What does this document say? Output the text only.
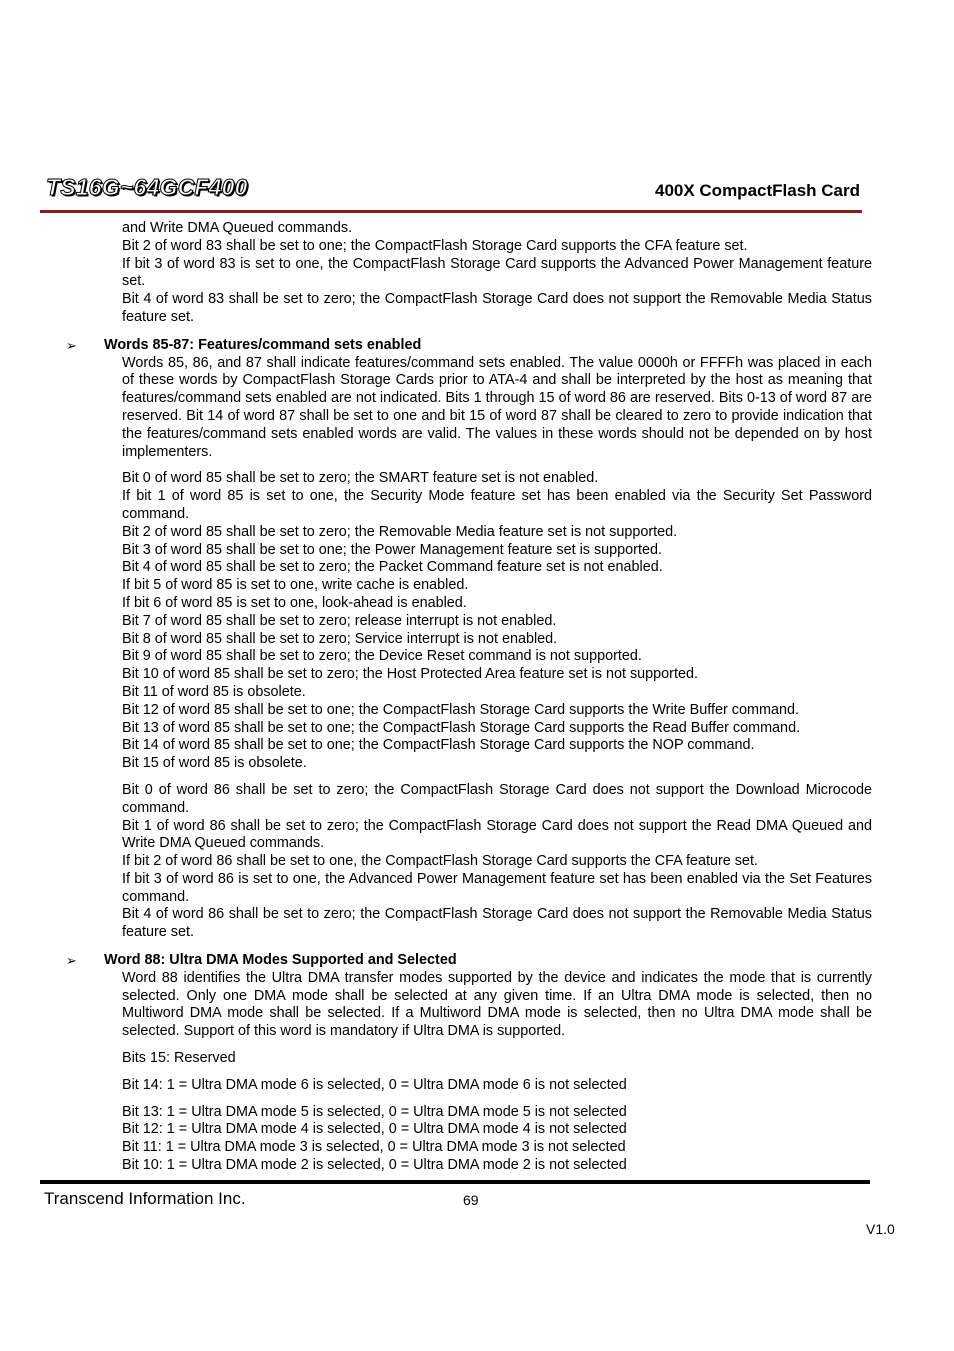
TS16G~64GCF400	400X CompactFlash Card
and Write DMA Queued commands.
Bit 2 of word 83 shall be set to one; the CompactFlash Storage Card supports the CFA feature set.
If bit 3 of word 83 is set to one, the CompactFlash Storage Card supports the Advanced Power Management feature set.
Bit 4 of word 83 shall be set to zero; the CompactFlash Storage Card does not support the Removable Media Status feature set.
➢ Words 85-87: Features/command sets enabled
Words 85, 86, and 87 shall indicate features/command sets enabled. The value 0000h or FFFFh was placed in each of these words by CompactFlash Storage Cards prior to ATA-4 and shall be interpreted by the host as meaning that features/command sets enabled are not indicated. Bits 1 through 15 of word 86 are reserved. Bits 0-13 of word 87 are reserved. Bit 14 of word 87 shall be set to one and bit 15 of word 87 shall be cleared to zero to provide indication that the features/command sets enabled words are valid. The values in these words should not be depended on by host implementers.
Bit 0 of word 85 shall be set to zero; the SMART feature set is not enabled.
If bit 1 of word 85 is set to one, the Security Mode feature set has been enabled via the Security Set Password command.
Bit 2 of word 85 shall be set to zero; the Removable Media feature set is not supported.
Bit 3 of word 85 shall be set to one; the Power Management feature set is supported.
Bit 4 of word 85 shall be set to zero; the Packet Command feature set is not enabled.
If bit 5 of word 85 is set to one, write cache is enabled.
If bit 6 of word 85 is set to one, look-ahead is enabled.
Bit 7 of word 85 shall be set to zero; release interrupt is not enabled.
Bit 8 of word 85 shall be set to zero; Service interrupt is not enabled.
Bit 9 of word 85 shall be set to zero; the Device Reset command is not supported.
Bit 10 of word 85 shall be set to zero; the Host Protected Area feature set is not supported.
Bit 11 of word 85 is obsolete.
Bit 12 of word 85 shall be set to one; the CompactFlash Storage Card supports the Write Buffer command.
Bit 13 of word 85 shall be set to one; the CompactFlash Storage Card supports the Read Buffer command.
Bit 14 of word 85 shall be set to one; the CompactFlash Storage Card supports the NOP command.
Bit 15 of word 85 is obsolete.
Bit 0 of word 86 shall be set to zero; the CompactFlash Storage Card does not support the Download Microcode command.
Bit 1 of word 86 shall be set to zero; the CompactFlash Storage Card does not support the Read DMA Queued and Write DMA Queued commands.
If bit 2 of word 86 shall be set to one, the CompactFlash Storage Card supports the CFA feature set.
If bit 3 of word 86 is set to one, the Advanced Power Management feature set has been enabled via the Set Features command.
Bit 4 of word 86 shall be set to zero; the CompactFlash Storage Card does not support the Removable Media Status feature set.
➢ Word 88: Ultra DMA Modes Supported and Selected
Word 88 identifies the Ultra DMA transfer modes supported by the device and indicates the mode that is currently selected. Only one DMA mode shall be selected at any given time. If an Ultra DMA mode is selected, then no Multiword DMA mode shall be selected. If a Multiword DMA mode is selected, then no Ultra DMA mode shall be selected. Support of this word is mandatory if Ultra DMA is supported.
Bits 15: Reserved
Bit 14: 1 = Ultra DMA mode 6 is selected, 0 = Ultra DMA mode 6 is not selected
Bit 13: 1 = Ultra DMA mode 5 is selected, 0 = Ultra DMA mode 5 is not selected
Bit 12: 1 = Ultra DMA mode 4 is selected, 0 = Ultra DMA mode 4 is not selected
Bit 11: 1 = Ultra DMA mode 3 is selected, 0 = Ultra DMA mode 3 is not selected
Bit 10: 1 = Ultra DMA mode 2 is selected, 0 = Ultra DMA mode 2 is not selected
Transcend Information Inc.	69
V1.0
